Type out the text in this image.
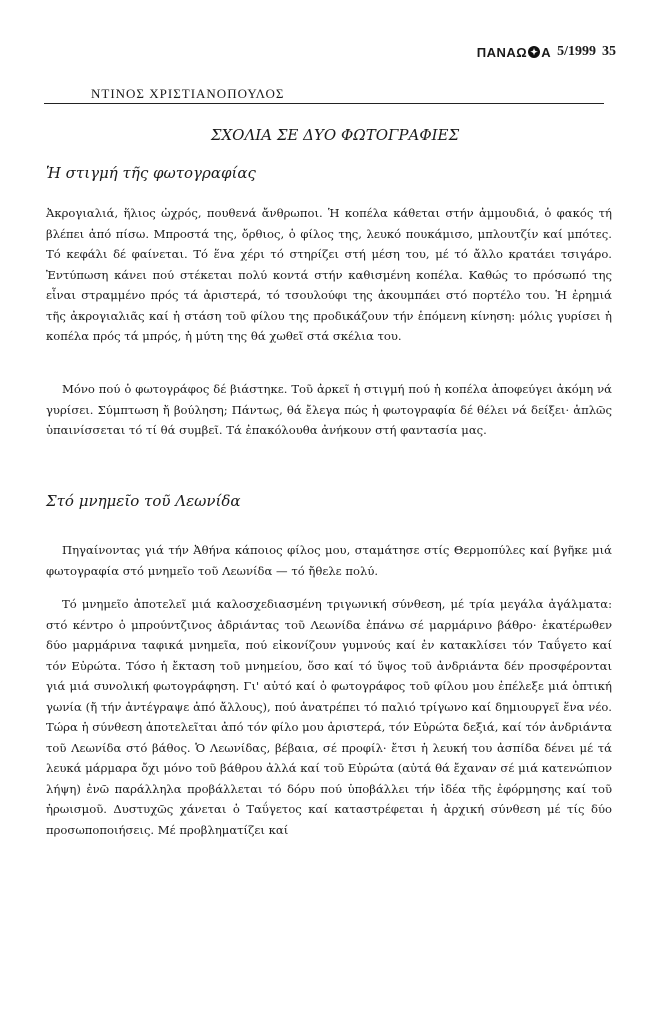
ΠΑΝΑΩ ✦ Α 5/1999 35
ΝΤΙΝΟΣ ΧΡΙΣΤΙΑΝΟΠΟΥΛΟΣ
ΣΧΟΛΙΑ ΣΕ ΔΥΟ ΦΩΤΟΓΡΑΦΙΕΣ
Ἡ στιγμή τῆς φωτογραφίας

Ἀκρογιαλιά, ἥλιος ὠχρός, πουθενά ἄνθρωποι. Ἡ κοπέλα κάθεται στήν ἀμμουδιά, ὁ φακός τή βλέπει ἀπό πίσω. Μπροστά της, ὄρθιος, ὁ φίλος της, λευκό πουκάμισο, μπλουτζίν καί μπότες. Τό κεφάλι δέ φαίνεται. Τό ἕνα χέρι τό στηρίζει στή μέση του, μέ τό ἄλλο κρατάει τσιγάρο. Ἐντύπωση κάνει πού στέκεται πολύ κοντά στήν καθισμένη κοπέλα. Καθώς το πρόσωπό της εἶναι στραμμένο πρός τά ἀριστερά, τό τσουλούφι της ἀκουμπάει στό πορτέλο του. Ἡ ἐρημιά τῆς ἀκρογιαλιᾶς καί ἡ στάση τοῦ φίλου της προδικάζουν τήν ἑπόμενη κίνηση: μόλις γυρίσει ἡ κοπέλα πρός τά μπρός, ἡ μύτη της θά χωθεῖ στά σκέλια του.

Μόνο πού ὁ φωτογράφος δέ βιάστηκε. Τοῦ ἀρκεῖ ἡ στιγμή πού ἡ κοπέλα ἀποφεύγει ἀκόμη νά γυρίσει. Σύμπτωση ἤ βούληση; Πάντως, θά ἔλεγα πώς ἡ φωτογραφία δέ θέλει νά δείξει· ἁπλῶς ὑπαινίσσεται τό τί θά συμβεῖ. Τά ἐπακόλουθα ἀνήκουν στή φαντασία μας.

Στό μνημεῖο τοῦ Λεωνίδα

Πηγαίνοντας γιά τήν Ἀθήνα κάποιος φίλος μου, σταμάτησε στίς Θερμοπύλες καί βγῆκε μιά φωτογραφία στό μνημεῖο τοῦ Λεωνίδα — τό ἤθελε πολύ.

Τό μνημεῖο ἀποτελεῖ μιά καλοσχεδιασμένη τριγωνική σύνθεση, μέ τρία μεγάλα ἀγάλματα: στό κέντρο ὁ μπρούντζινος ἀδριάντας τοῦ Λεωνίδα ἐπάνω σέ μαρμάρινο βάθρο· ἑκατέρωθεν δύο μαρμάρινα ταφικά μνημεῖα, πού εἰκονίζουν γυμνούς καί ἐν κατακλίσει τόν Ταΰγετο καί τόν Εὐρώτα. Τόσο ἡ ἔκταση τοῦ μνημείου, ὅσο καί τό ὕψος τοῦ ἀνδριάντα δέν προσφέρονται γιά μιά συνολική φωτογράφηση. Γι' αὐτό καί ὁ φωτογράφος τοῦ φίλου μου ἐπέλεξε μιά ὀπτική γωνία (ἤ τήν ἀντέγραψε ἀπό ἄλλους), πού ἀνατρέπει τό παλιό τρίγωνο καί δημιουργεῖ ἕνα νέο. Τώρα ἡ σύνθεση ἀποτελεῖται ἀπό τόν φίλο μου ἀριστερά, τόν Εὐρώτα δεξιά, καί τόν ἀνδριάντα τοῦ Λεωνίδα στό βάθος. Ὁ Λεωνίδας, βέβαια, σέ προφίλ· ἔτσι ἡ λευκή του ἀσπίδα δένει μέ τά λευκά μάρμαρα ὄχι μόνο τοῦ βάθρου ἀλλά καί τοῦ Εὐρώτα (αὐτά θά ἔχαναν σέ μιά κατενώπιον λήψη) ἐνῶ παράλληλα προβάλλεται τό δόρυ πού ὑποβάλλει τήν ἰδέα τῆς ἐφόρμησης καί τοῦ ἡρωισμοῦ. Δυστυχῶς χάνεται ὁ Ταΰγετος καί καταστρέφεται ἡ ἀρχική σύνθεση μέ τίς δύο προσωποποιήσεις. Μέ προβληματίζει καί
